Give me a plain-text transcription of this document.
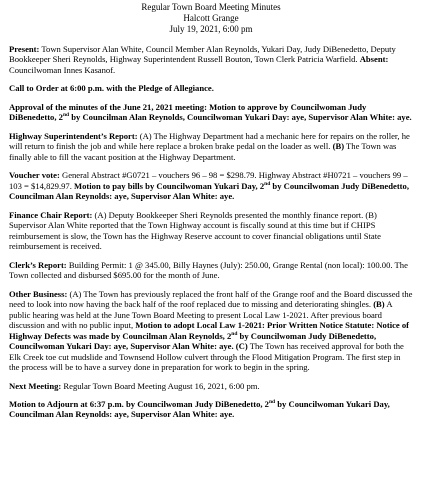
Regular Town Board Meeting Minutes
Halcott Grange
July 19, 2021, 6:00 pm

Present: Town Supervisor Alan White, Council Member Alan Reynolds, Yukari Day, Judy DiBenedetto, Deputy Bookkeeper Sheri Reynolds, Highway Superintendent Russell Bouton, Town Clerk Patricia Warfield. Absent: Councilwoman Innes Kasanof.

Call to Order at 6:00 p.m. with the Pledge of Allegiance.

Approval of the minutes of the June 21, 2021 meeting: Motion to approve by Councilwoman Judy DiBenedetto, 2nd by Councilman Alan Reynolds, Councilwoman Yukari Day: aye, Supervisor Alan White: aye.

Highway Superintendent’s Report: (A) The Highway Department had a mechanic here for repairs on the roller, he will return to finish the job and while here replace a broken brake pedal on the loader as well. (B) The Town was finally able to fill the vacant position at the Highway Department.

Voucher vote: General Abstract #G0721 – vouchers 96 – 98 = $298.79. Highway Abstract #H0721 – vouchers 99 – 103 = $14,829.97. Motion to pay bills by Councilwoman Yukari Day, 2nd by Councilwoman Judy DiBenedetto, Councilman Alan Reynolds: aye, Supervisor Alan White: aye.

Finance Chair Report: (A) Deputy Bookkeeper Sheri Reynolds presented the monthly finance report. (B) Supervisor Alan White reported that the Town Highway account is fiscally sound at this time but if CHIPS reimbursement is slow, the Town has the Highway Reserve account to cover financial obligations until State reimbursement is received.

Clerk’s Report: Building Permit: 1 @ 345.00, Billy Haynes (July): 250.00, Grange Rental (non local): 100.00. The Town collected and disbursed $695.00 for the month of June.

Other Business: (A) The Town has previously replaced the front half of the Grange roof and the Board discussed the need to look into now having the back half of the roof replaced due to missing and deteriorating shingles. (B) A public hearing was held at the June Town Board Meeting to present Local Law 1-2021. After previous board discussion and with no public input, Motion to adopt Local Law 1-2021: Prior Written Notice Statute: Notice of Highway Defects was made by Councilman Alan Reynolds, 2nd by Councilwoman Judy DiBenedetto, Councilwoman Yukari Day: aye, Supervisor Alan White: aye. (C) The Town has received approval for both the Elk Creek toe cut mudslide and Townsend Hollow culvert through the Flood Mitigation Program. The first step in the process will be to have a survey done in preparation for work to begin in the spring.

Next Meeting: Regular Town Board Meeting August 16, 2021, 6:00 pm.

Motion to Adjourn at 6:37 p.m. by Councilwoman Judy DiBenedetto, 2nd by Councilwoman Yukari Day, Councilman Alan Reynolds: aye, Supervisor Alan White: aye.
